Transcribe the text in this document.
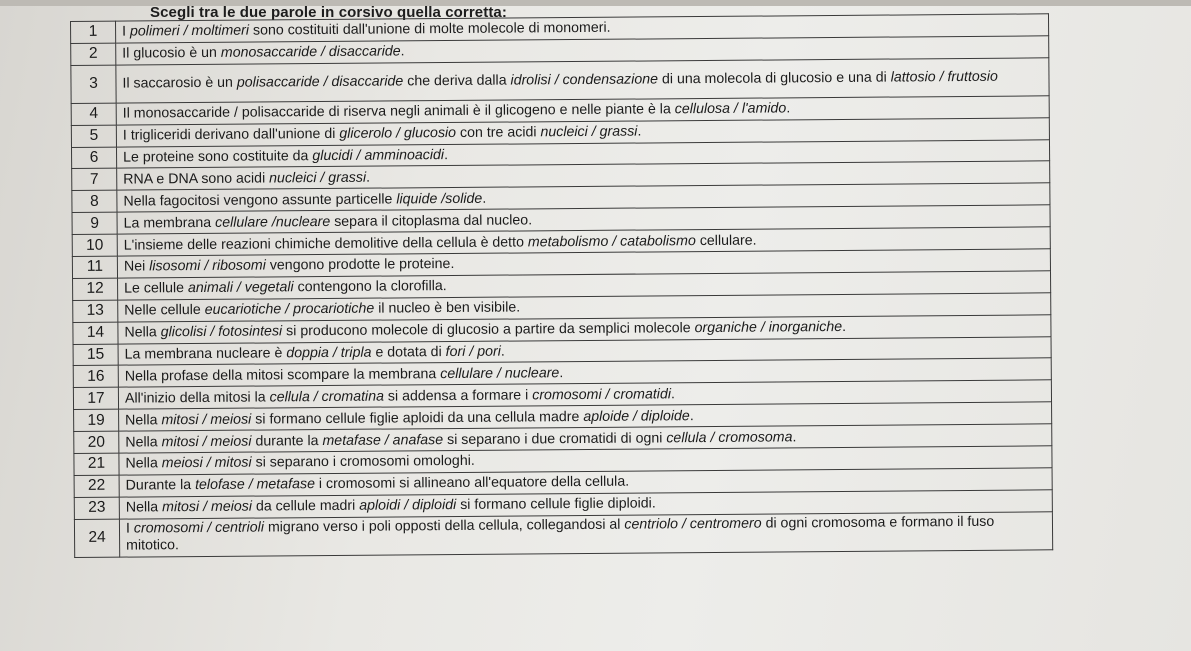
Scegli tra le due parole in corsivo quella corretta:
1	I polimeri / moltimeri sono costituiti dall'unione di molte molecole di monomeri.
2	Il glucosio è un monosaccaride / disaccaride.
3	Il saccarosio è un polisaccaride / disaccaride che deriva dalla idrolisi / condensazione di una molecola di glucosio e una di lattosio / fruttosio
4	Il monosaccaride / polisaccaride di riserva negli animali è il glicogeno e nelle piante è la cellulosa / l'amido.
5	I trigliceridi derivano dall'unione di glicerolo / glucosio con tre acidi nucleici / grassi.
6	Le proteine sono costituite da glucidi / amminoacidi.
7	RNA e DNA sono acidi nucleici / grassi.
8	Nella fagocitosi vengono assunte particelle liquide /solide.
9	La membrana cellulare /nucleare separa il citoplasma dal nucleo.
10	L'insieme delle reazioni chimiche demolitive della cellula è detto metabolismo / catabolismo cellulare.
11	Nei lisosomi / ribosomi vengono prodotte le proteine.
12	Le cellule animali / vegetali contengono la clorofilla.
13	Nelle cellule eucariotiche / procariotiche il nucleo è ben visibile.
14	Nella glicolisi / fotosintesi si producono molecole di glucosio a partire da semplici molecole organiche / inorganiche.
15	La membrana nucleare è doppia / tripla e dotata di fori / pori.
16	Nella profase della mitosi scompare la membrana cellulare / nucleare.
17	All'inizio della mitosi la cellula / cromatina si addensa a formare i cromosomi / cromatidi.
19	Nella mitosi / meiosi si formano cellule figlie aploidi da una cellula madre aploide / diploide.
20	Nella mitosi / meiosi durante la metafase / anafase si separano i due cromatidi di ogni cellula / cromosoma.
21	Nella meiosi / mitosi si separano i cromosomi omologhi.
22	Durante la telofase / metafase i cromosomi si allineano all'equatore della cellula.
23	Nella mitosi / meiosi da cellule madri aploidi / diploidi si formano cellule figlie diploidi.
24	I cromosomi / centrioli migrano verso i poli opposti della cellula, collegandosi al centriolo / centromero di ogni cromosoma e formano il fuso mitotico.
